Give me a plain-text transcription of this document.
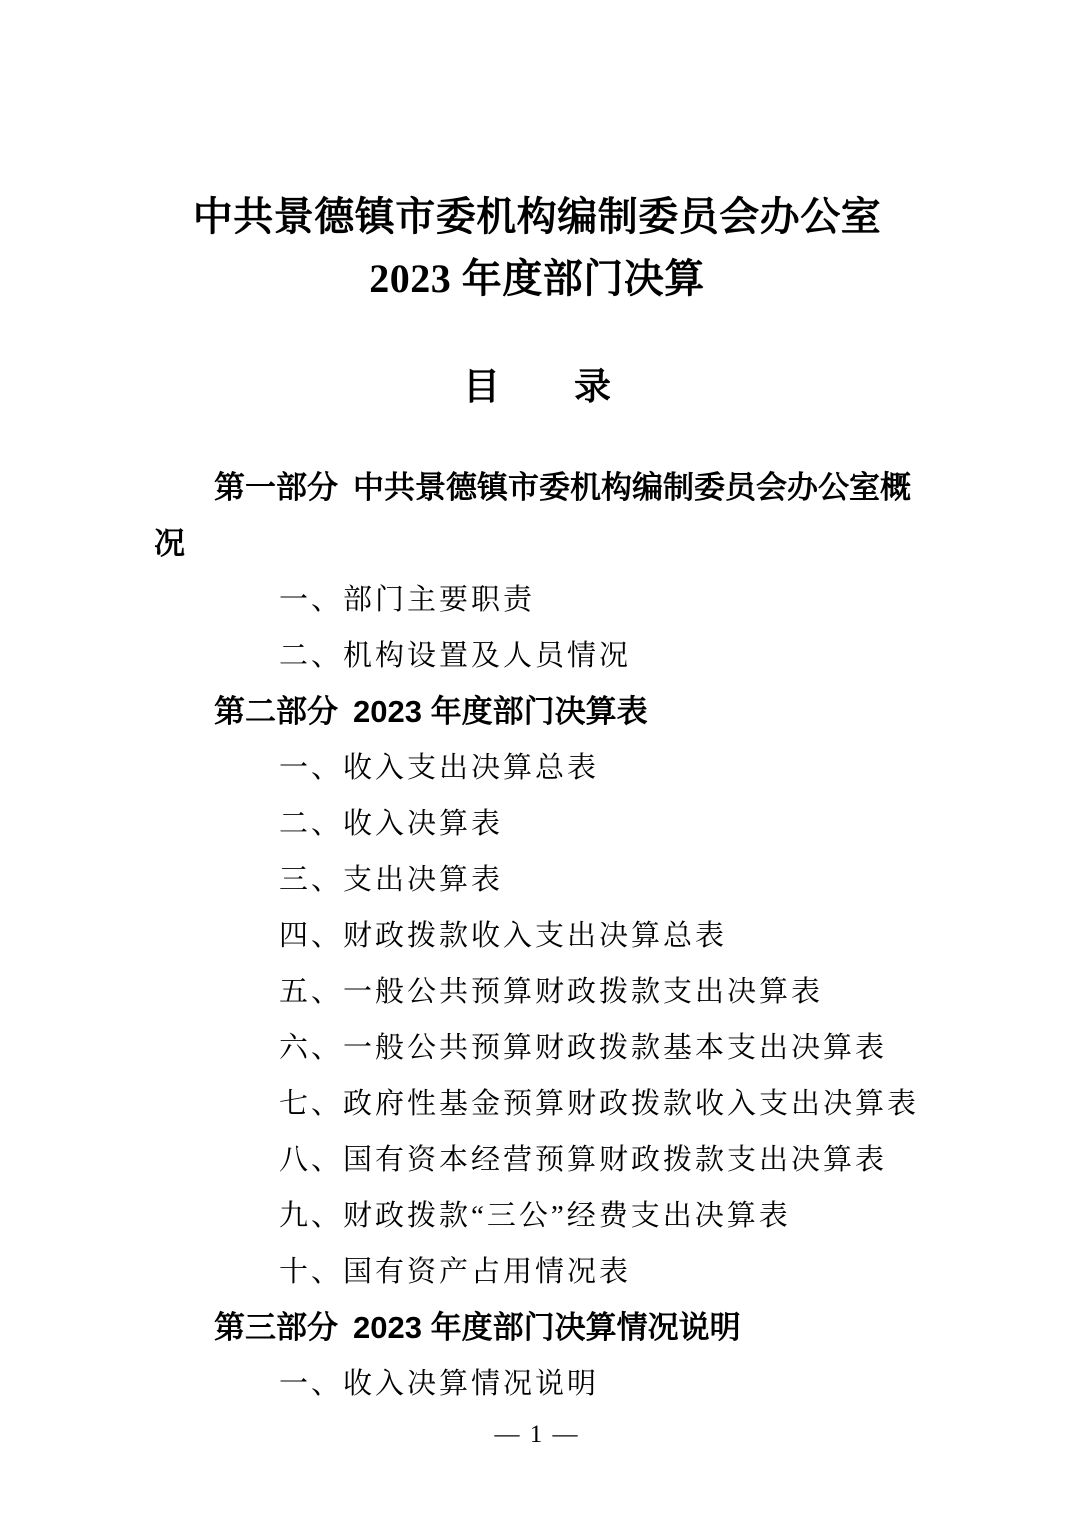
中共景德镇市委机构编制委员会办公室
2023 年度部门决算
目　　录

第一部分 中共景德镇市委机构编制委员会办公室概况

一、部门主要职责

二、机构设置及人员情况

第二部分 2023 年度部门决算表

一、收入支出决算总表

二、收入决算表

三、支出决算表

四、财政拨款收入支出决算总表

五、一般公共预算财政拨款支出决算表

六、一般公共预算财政拨款基本支出决算表

七、政府性基金预算财政拨款收入支出决算表

八、国有资本经营预算财政拨款支出决算表

九、财政拨款“三公”经费支出决算表

十、国有资产占用情况表

第三部分 2023 年度部门决算情况说明

一、收入决算情况说明

— 1 —
